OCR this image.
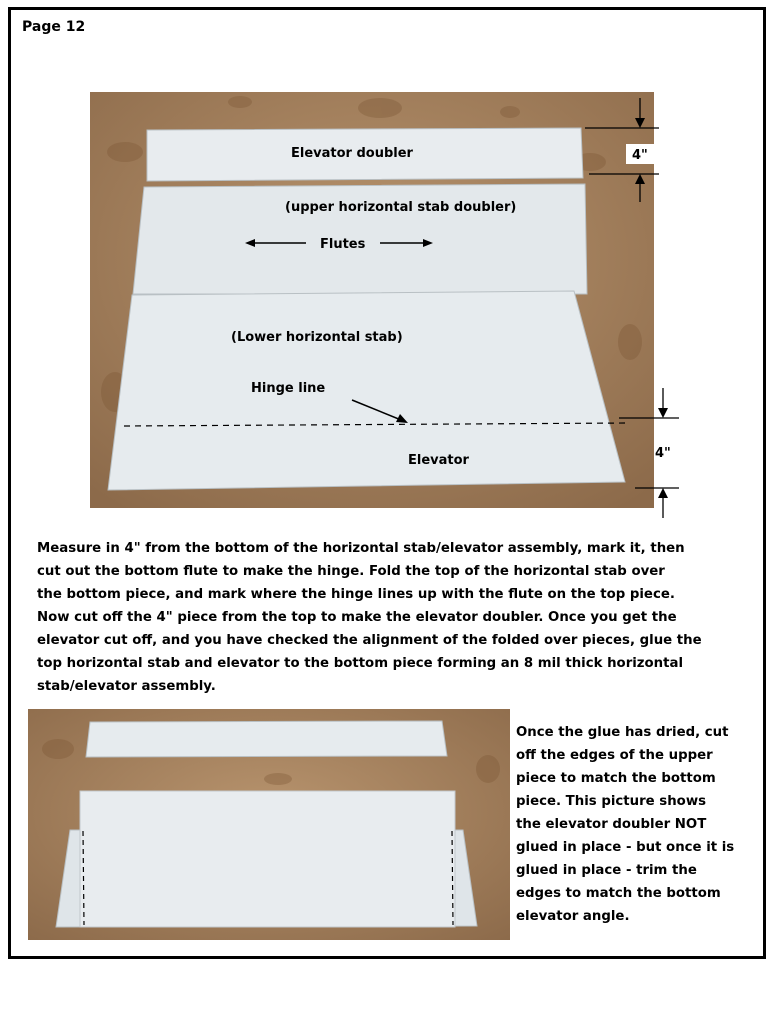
Page 12
Elevator doubler
(upper horizontal stab doubler)
Flutes
(Lower horizontal stab)
Hinge line
Elevator
4"
4"
Measure in 4" from the bottom of the horizontal stab/elevator assembly, mark it, then
cut out the bottom flute to make the hinge. Fold the top of the horizontal stab over
the bottom piece, and mark where the hinge lines up with the flute on the top piece.
Now cut off the 4" piece from the top to make the elevator doubler. Once you get the
elevator cut off, and you have checked the alignment of the folded over pieces, glue the
top horizontal stab and elevator to the bottom piece forming an 8 mil thick horizontal
stab/elevator assembly.
Once the glue has dried, cut
off the edges of the upper
piece to match the bottom
piece. This picture shows
the elevator doubler NOT
glued in place - but once it is
glued in place - trim the
edges to match the bottom
elevator angle.
